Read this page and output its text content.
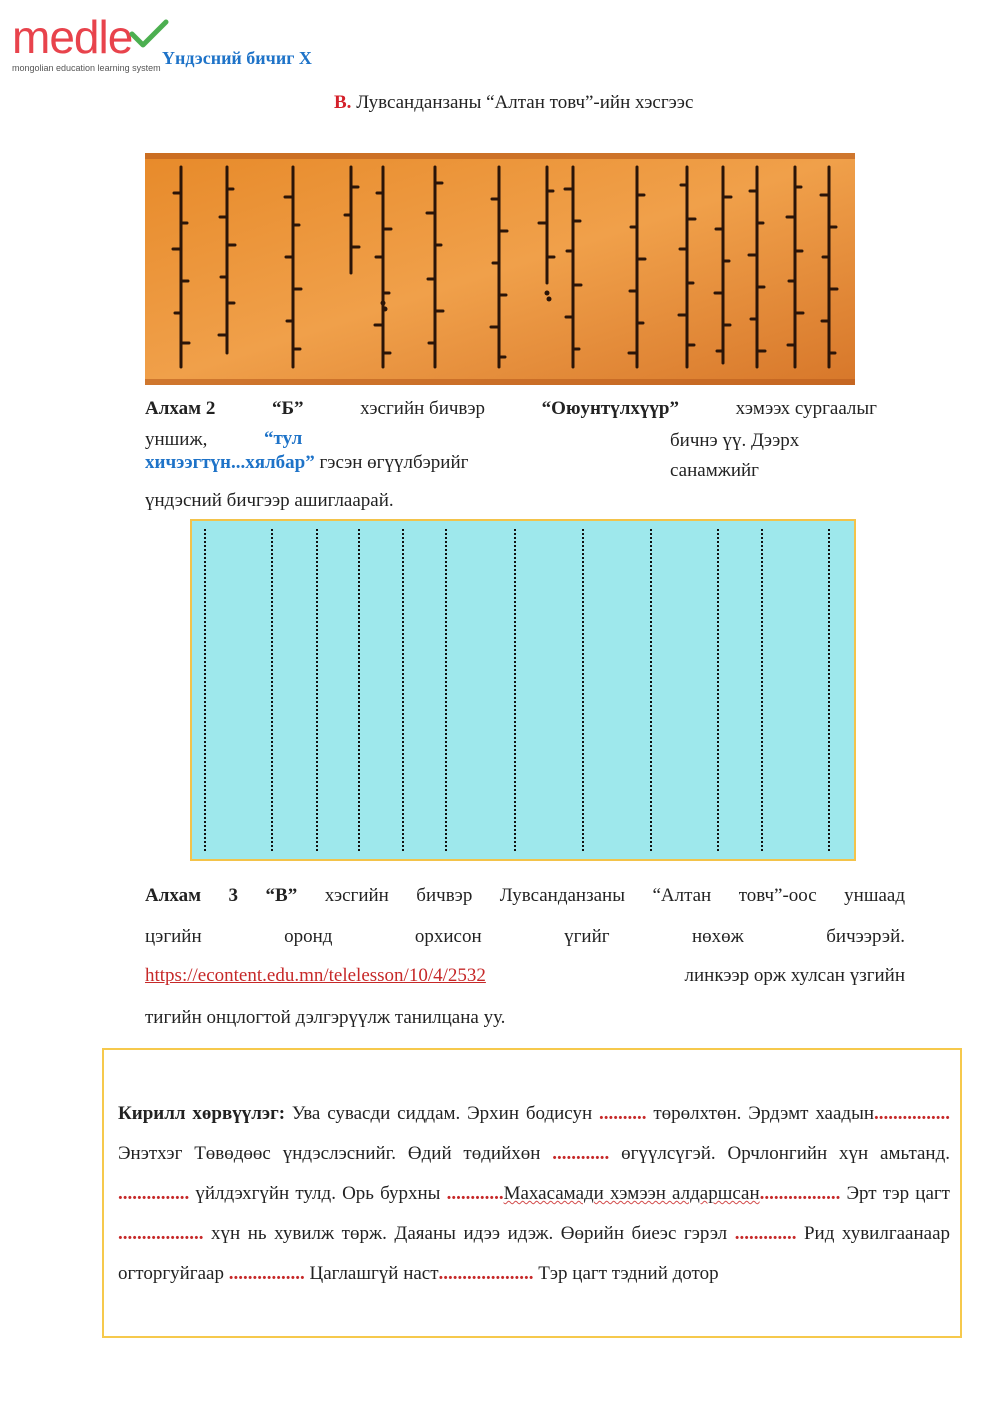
medle
mongolian education learning system Үндэсний бичиг X
В. Лувсанданзаны “Алтан товч”-ийн хэсгээс
Алхам 2	“Б”	хэсгийн бичвэр	“Оюунтүлхүүр”	хэмээх сургаалыг
уншиж,	“тул
хичээгтүн...хялбар” гэсэн өгүүлбэрийг
бичнэ үү. Дээрх санамжийг
үндэсний бичгээр ашиглаарай.
Алхам 3 “В” хэсгийн бичвэр Лувсанданзаны “Алтан товч”-оос уншаад
цэгийн оронд орхисон үгийг нөхөж бичээрэй.
https://econtent.edu.mn/telelesson/10/4/2532	линкээр орж хулсан үзгийн
тигийн онцлогтой дэлгэрүүлж танилцана уу.
Кирилл хөрвүүлэг: Ува сувасди сиддам. Эрхин бодисун .......... төрөлхтөн. Эрдэмт хаадын................ Энэтхэг Төвөдөөс үндэслэснийг. Өдий төдийхөн ............ өгүүлсүгэй. Орчлонгийн хүн амьтанд. ............... үйлдэхгүйн тулд. Орь бурхны ............Махасамади хэмээн алдаршсан................. Эрт тэр цагт .................. хүн нь хувилж төрж. Даяаны идээ идэж. Өөрийн биеэс гэрэл ............. Рид хувилгаанаар огторгуйгаар ................ Цаглашгүй наст.................... Тэр цагт тэдний дотор
